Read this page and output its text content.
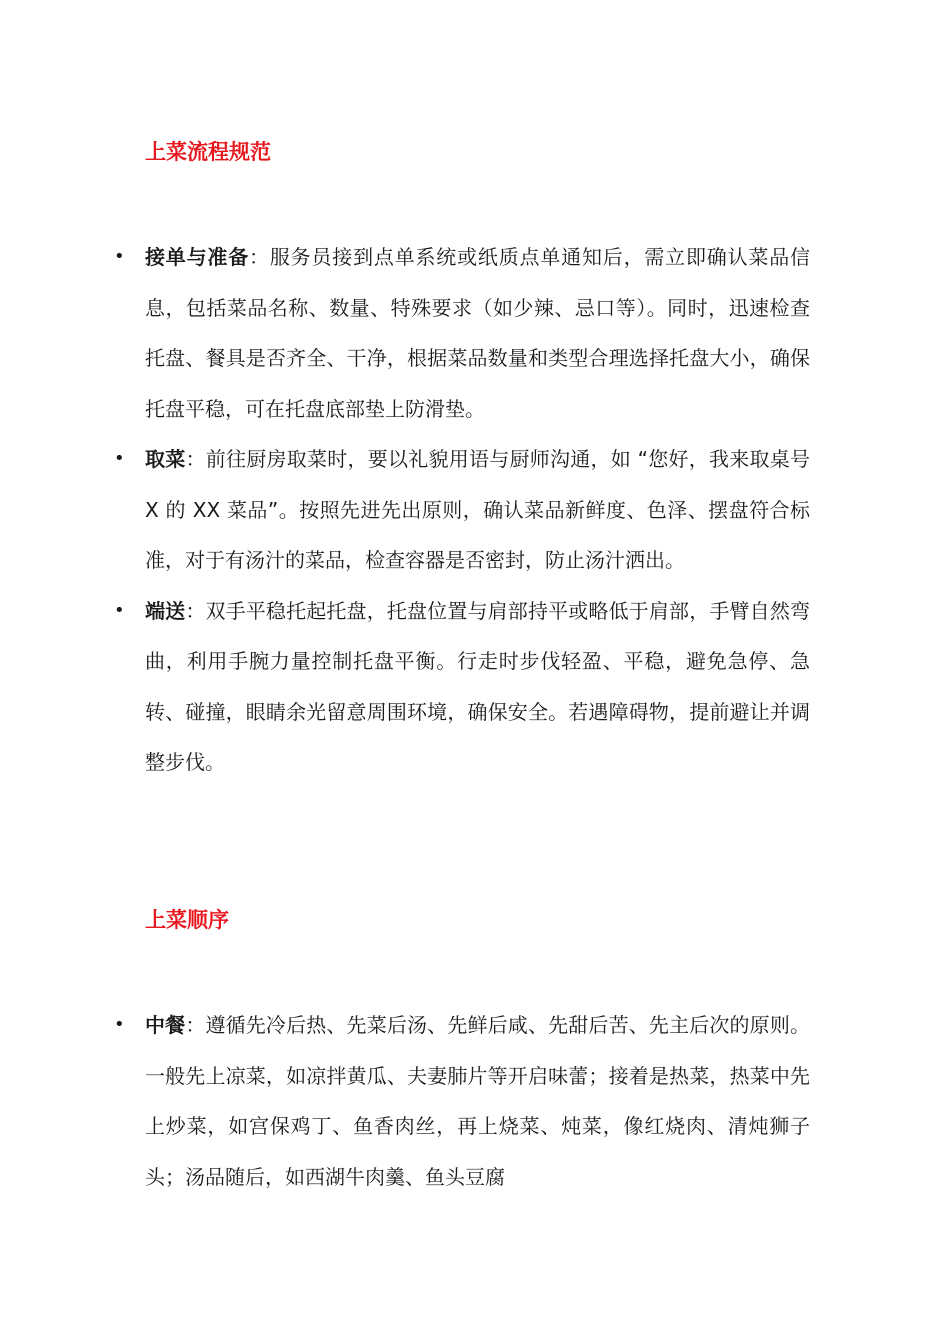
上菜流程规范
• 接单与准备：服务员接到点单系统或纸质点单通知后，需立即确认菜品信息，包括菜品名称、数量、特殊要求（如少辣、忌口等）。同时，迅速检查托盘、餐具是否齐全、干净，根据菜品数量和类型合理选择托盘大小，确保托盘平稳，可在托盘底部垫上防滑垫。
• 取菜：前往厨房取菜时，要以礼貌用语与厨师沟通，如 “您好，我来取桌号 X 的 XX 菜品”。按照先进先出原则，确认菜品新鲜度、色泽、摆盘符合标准，对于有汤汁的菜品，检查容器是否密封，防止汤汁洒出。
• 端送：双手平稳托起托盘，托盘位置与肩部持平或略低于肩部，手臂自然弯曲，利用手腕力量控制托盘平衡。行走时步伐轻盈、平稳，避免急停、急转、碰撞，眼睛余光留意周围环境，确保安全。若遇障碍物，提前避让并调整步伐。
上菜顺序
• 中餐：遵循先冷后热、先菜后汤、先鲜后咸、先甜后苦、先主后次的原则。一般先上凉菜，如凉拌黄瓜、夫妻肺片等开启味蕾；接着是热菜，热菜中先上炒菜，如宫保鸡丁、鱼香肉丝，再上烧菜、炖菜，像红烧肉、清炖狮子头；汤品随后，如西湖牛肉羹、鱼头豆腐
